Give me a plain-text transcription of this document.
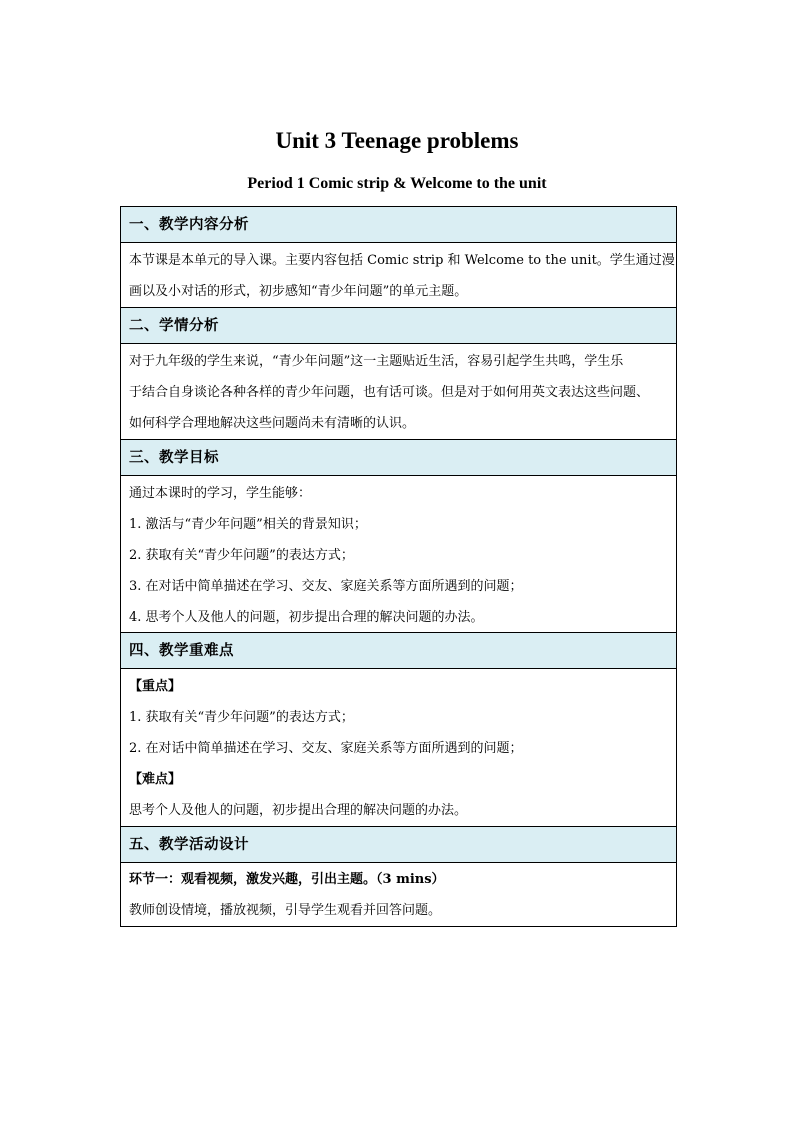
Unit 3 Teenage problems
Period 1 Comic strip & Welcome to the unit
一、教学内容分析
本节课是本单元的导入课。主要内容包括 Comic strip 和 Welcome to the unit。学生通过漫
画以及小对话的形式，初步感知“青少年问题”的单元主题。
二、学情分析
对于九年级的学生来说，“青少年问题”这一主题贴近生活，容易引起学生共鸣，学生乐
于结合自身谈论各种各样的青少年问题，也有话可谈。但是对于如何用英文表达这些问题、
如何科学合理地解决这些问题尚未有清晰的认识。
三、教学目标
通过本课时的学习，学生能够：
1. 激活与“青少年问题”相关的背景知识；
2. 获取有关“青少年问题”的表达方式；
3. 在对话中简单描述在学习、交友、家庭关系等方面所遇到的问题；
4. 思考个人及他人的问题，初步提出合理的解决问题的办法。
四、教学重难点
【重点】
1. 获取有关“青少年问题”的表达方式；
2. 在对话中简单描述在学习、交友、家庭关系等方面所遇到的问题；
【难点】
思考个人及他人的问题，初步提出合理的解决问题的办法。
五、教学活动设计
环节一：观看视频，激发兴趣，引出主题。（3 mins）
教师创设情境，播放视频，引导学生观看并回答问题。
